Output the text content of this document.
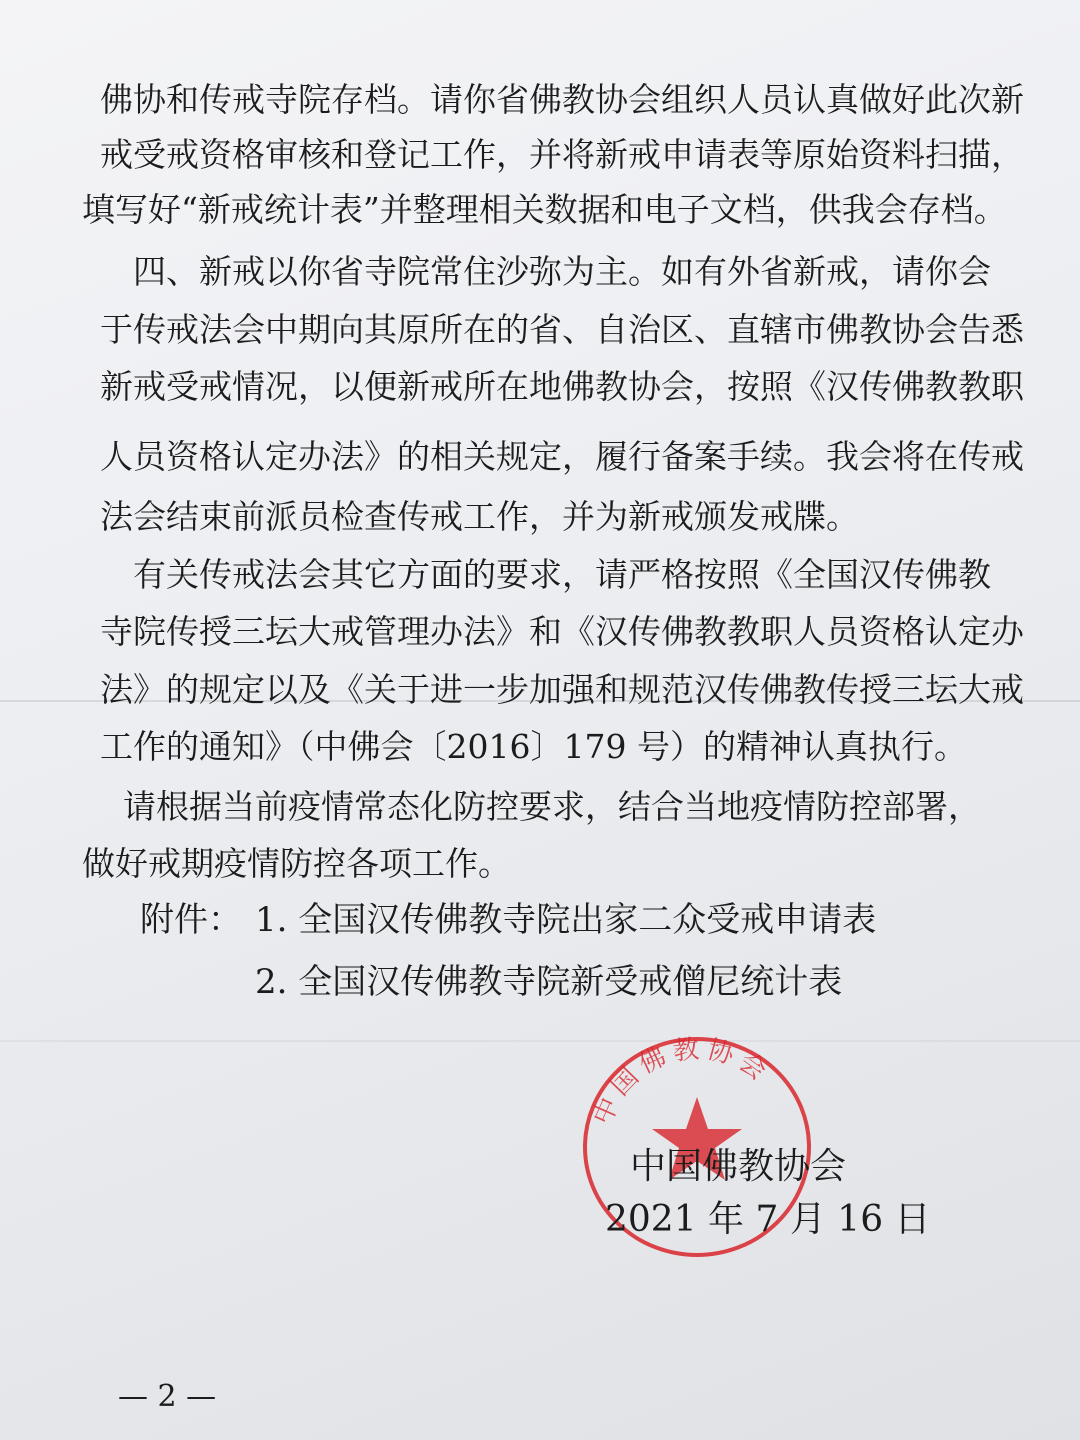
佛协和传戒寺院存档。请你省佛教协会组织人员认真做好此次新
戒受戒资格审核和登记工作，并将新戒申请表等原始资料扫描，
填写好“新戒统计表”并整理相关数据和电子文档，供我会存档。
　四、新戒以你省寺院常住沙弥为主。如有外省新戒，请你会
于传戒法会中期向其原所在的省、自治区、直辖市佛教协会告悉
新戒受戒情况，以便新戒所在地佛教协会，按照《汉传佛教教职
人员资格认定办法》的相关规定，履行备案手续。我会将在传戒
法会结束前派员检查传戒工作，并为新戒颁发戒牒。
　有关传戒法会其它方面的要求，请严格按照《全国汉传佛教
寺院传授三坛大戒管理办法》和《汉传佛教教职人员资格认定办
法》的规定以及《关于进一步加强和规范汉传佛教传授三坛大戒
工作的通知》（中佛会〔2016〕179 号）的精神认真执行。
　请根据当前疫情常态化防控要求，结合当地疫情防控部署，
做好戒期疫情防控各项工作。
附件： 1. 全国汉传佛教寺院出家二众受戒申请表
2. 全国汉传佛教寺院新受戒僧尼统计表
中国佛教协会
中国佛教协会
2021 年 7 月 16 日
— 2 —
